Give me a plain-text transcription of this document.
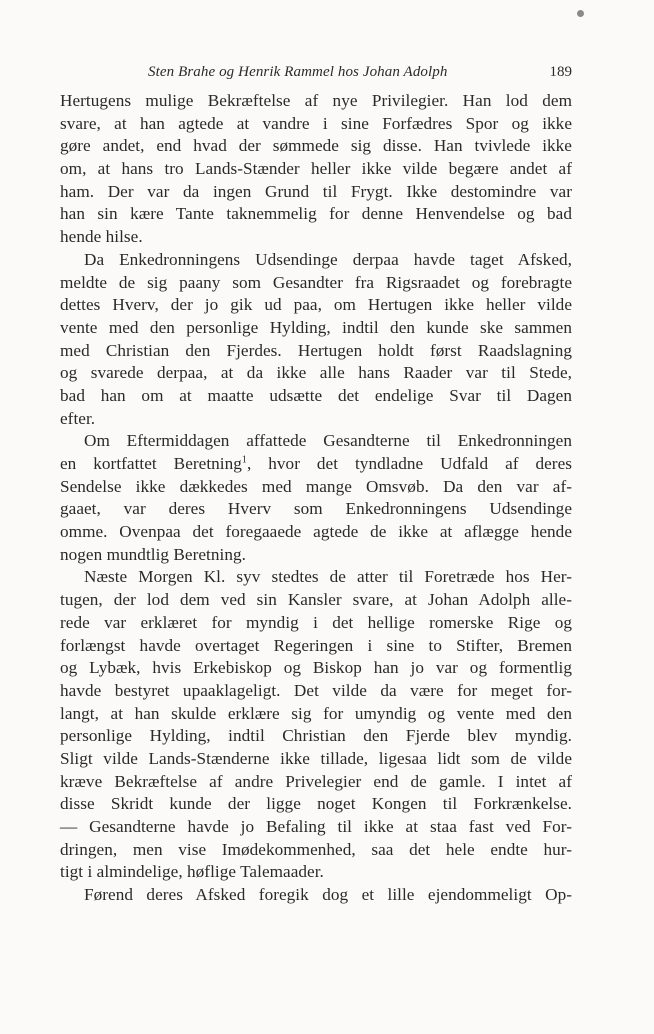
Sten Brahe og Henrik Rammel hos Johan Adolph	189
Hertugens mulige Bekræftelse af nye Privilegier. Han lod dem
svare, at han agtede at vandre i sine Forfædres Spor og ikke
gøre andet, end hvad der sømmede sig disse. Han tvivlede ikke
om, at hans tro Lands-Stænder heller ikke vilde begære andet af
ham. Der var da ingen Grund til Frygt. Ikke destomindre var
han sin kære Tante taknemmelig for denne Henvendelse og bad
hende hilse.
Da Enkedronningens Udsendinge derpaa havde taget Afsked,
meldte de sig paany som Gesandter fra Rigsraadet og forebragte
dettes Hverv, der jo gik ud paa, om Hertugen ikke heller vilde
vente med den personlige Hylding, indtil den kunde ske sammen
med Christian den Fjerdes. Hertugen holdt først Raadslagning
og svarede derpaa, at da ikke alle hans Raader var til Stede,
bad han om at maatte udsætte det endelige Svar til Dagen
efter.
Om Eftermiddagen affattede Gesandterne til Enkedronningen
en kortfattet Beretning$^1$, hvor det tyndladne Udfald af deres
Sendelse ikke dækkedes med mange Omsvøb. Da den var af-
gaaet, var deres Hverv som Enkedronningens Udsendinge
omme. Ovenpaa det foregaaede agtede de ikke at aflægge hende
nogen mundtlig Beretning.
Næste Morgen Kl. syv stedtes de atter til Foretræde hos Her-
tugen, der lod dem ved sin Kansler svare, at Johan Adolph alle-
rede var erklæret for myndig i det hellige romerske Rige og
forlængst havde overtaget Regeringen i sine to Stifter, Bremen
og Lybæk, hvis Erkebiskop og Biskop han jo var og formentlig
havde bestyret upaaklageligt. Det vilde da være for meget for-
langt, at han skulde erklære sig for umyndig og vente med den
personlige Hylding, indtil Christian den Fjerde blev myndig.
Sligt vilde Lands-Stænderne ikke tillade, ligesaa lidt som de vilde
kræve Bekræftelse af andre Privelegier end de gamle. I intet af
disse Skridt kunde der ligge noget Kongen til Forkrænkelse.
— Gesandterne havde jo Befaling til ikke at staa fast ved For-
dringen, men vise Imødekommenhed, saa det hele endte hur-
tigt i almindelige, høflige Talemaader.
Førend deres Afsked foregik dog et lille ejendommeligt Op-
